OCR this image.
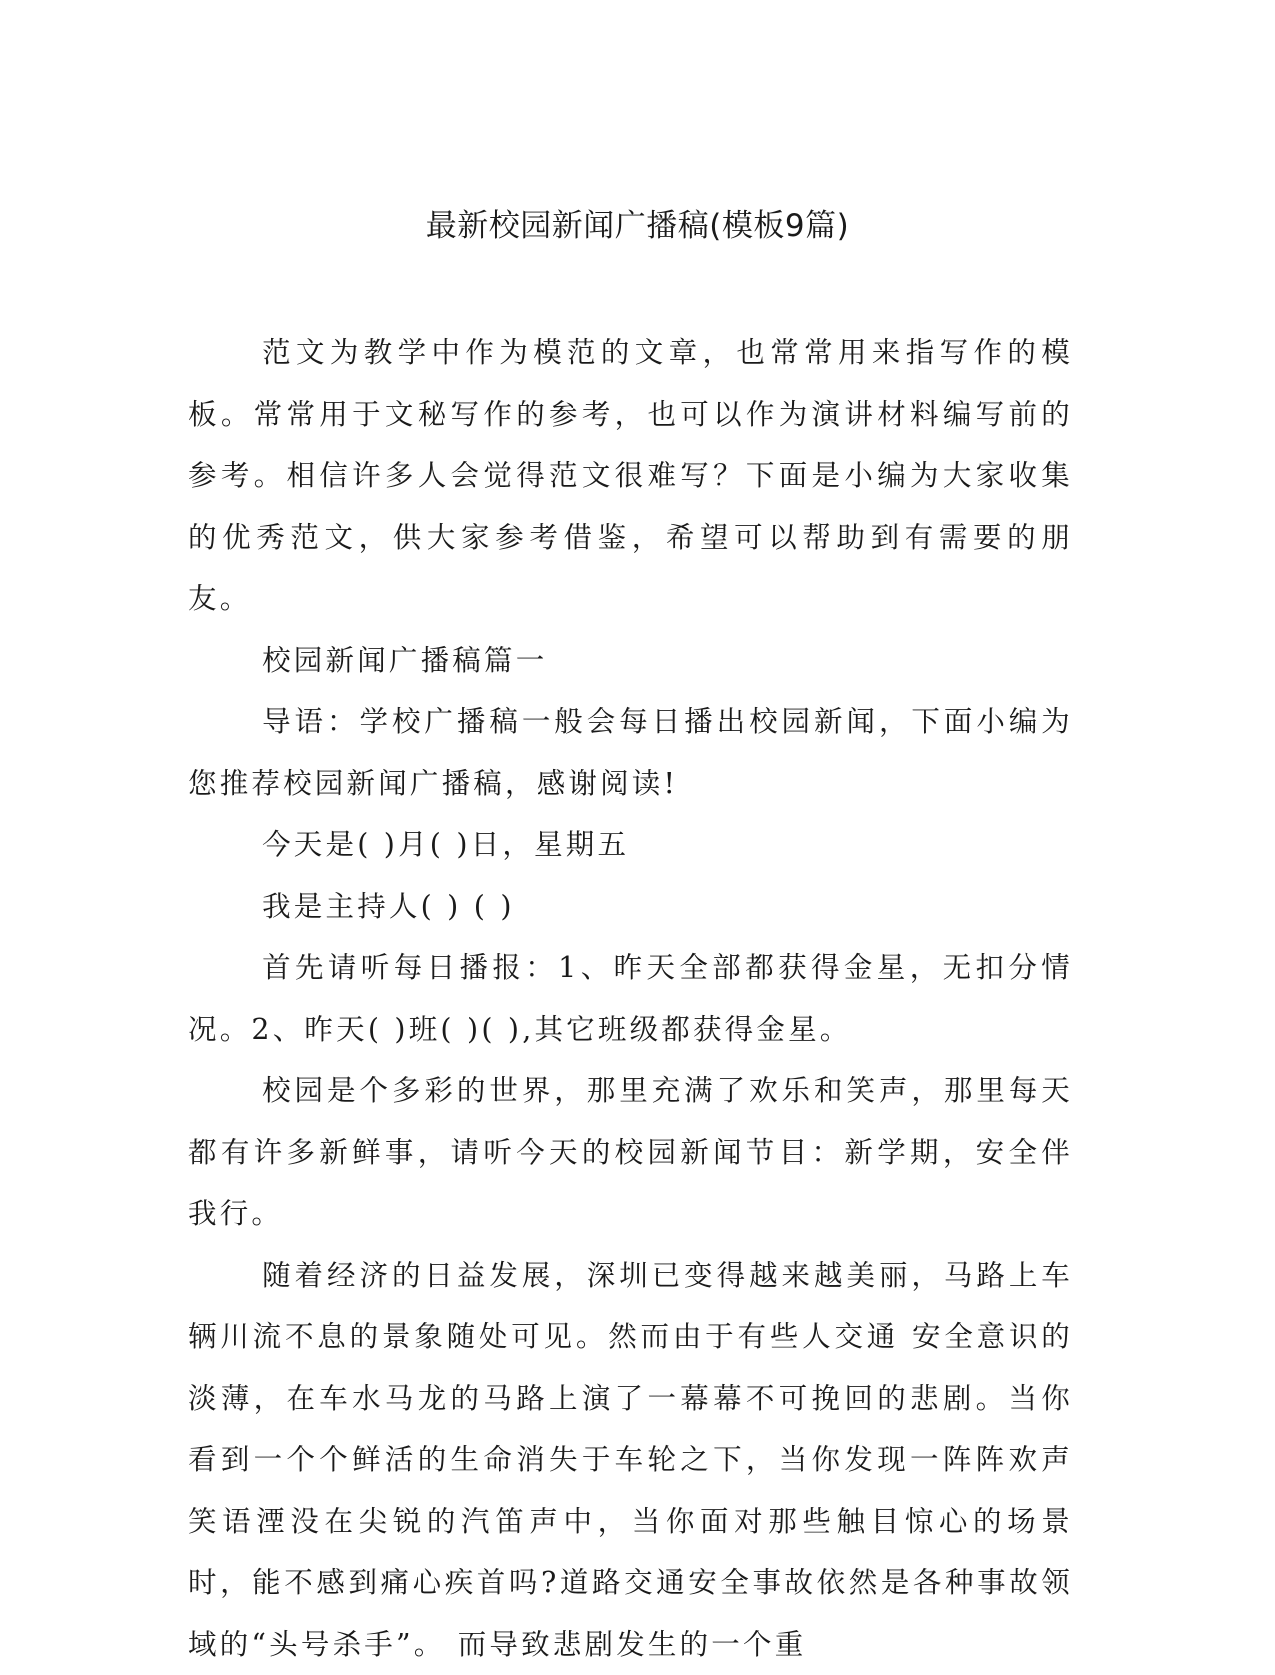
最新校园新闻广播稿(模板9篇)

范文为教学中作为模范的文章，也常常用来指写作的模板。常常用于文秘写作的参考，也可以作为演讲材料编写前的参考。相信许多人会觉得范文很难写？下面是小编为大家收集的优秀范文，供大家参考借鉴，希望可以帮助到有需要的朋友。

校园新闻广播稿篇一

导语：学校广播稿一般会每日播出校园新闻，下面小编为您推荐校园新闻广播稿，感谢阅读!

今天是( )月( )日，星期五

我是主持人( ) ( )

首先请听每日播报：1、昨天全部都获得金星，无扣分情况。2、昨天( )班( )( ),其它班级都获得金星。

校园是个多彩的世界，那里充满了欢乐和笑声，那里每天都有许多新鲜事，请听今天的校园新闻节目：新学期，安全伴我行。

随着经济的日益发展，深圳已变得越来越美丽，马路上车辆川流不息的景象随处可见。然而由于有些人交通 安全意识的淡薄，在车水马龙的马路上演了一幕幕不可挽回的悲剧。当你看到一个个鲜活的生命消失于车轮之下，当你发现一阵阵欢声笑语湮没在尖锐的汽笛声中，当你面对那些触目惊心的场景时，能不感到痛心疾首吗?道路交通安全事故依然是各种事故领域的“头号杀手”。 而导致悲剧发生的一个重
